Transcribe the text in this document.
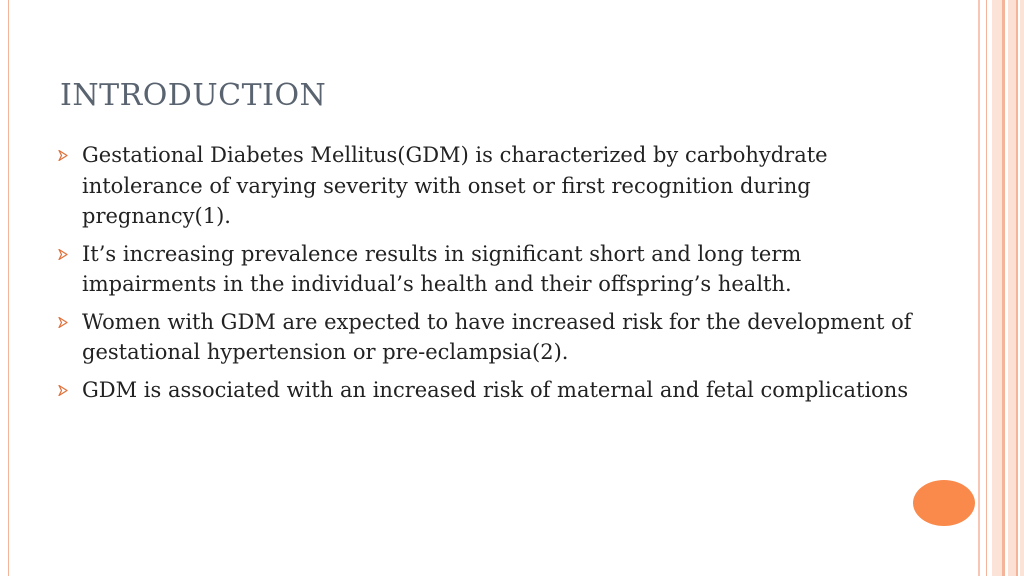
INTRODUCTION
Gestational Diabetes Mellitus(GDM) is characterized by carbohydrate intolerance of varying severity with onset or first recognition during pregnancy(1).
It’s increasing prevalence results in significant short and long term impairments in the individual’s health and their offspring’s health.
Women with GDM are expected to have increased risk for the development of gestational hypertension or pre-eclampsia(2).
GDM is associated with an increased risk of maternal and fetal complications
